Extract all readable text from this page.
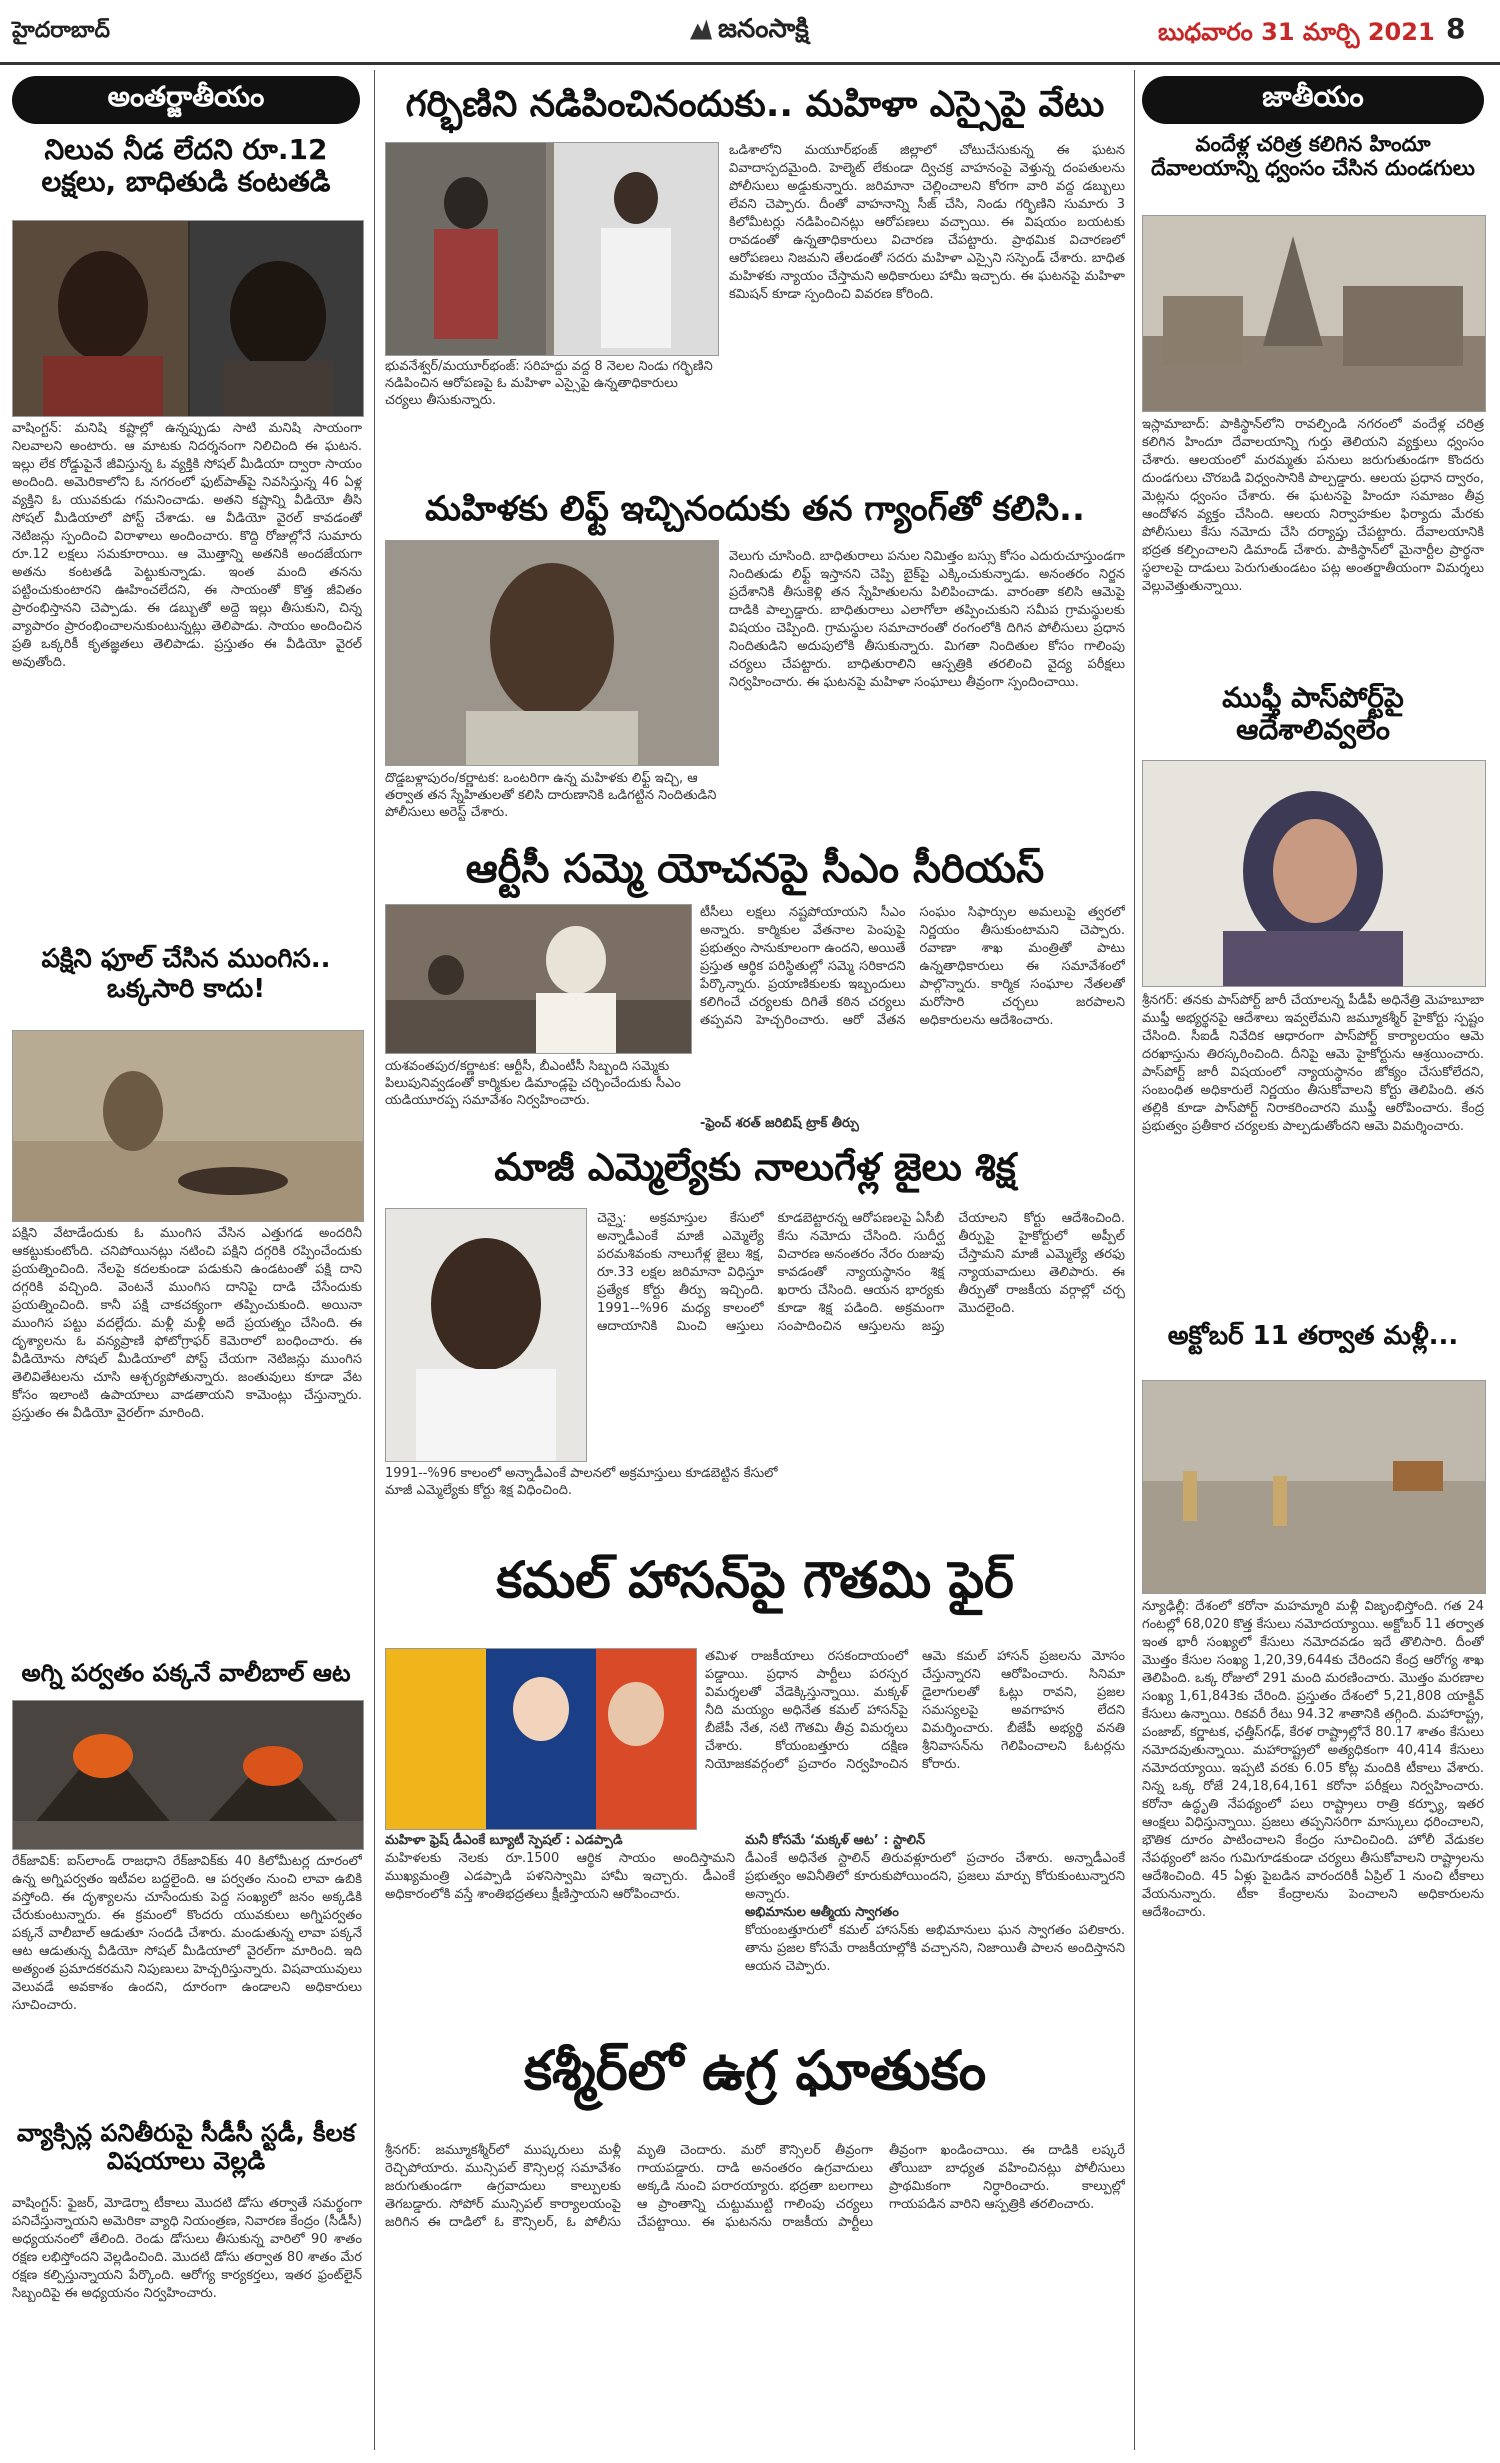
హైదరాబాద్	జనంసాక్షి	బుధవారం 31 మార్చి 2021 8
అంతర్జాతీయం
నిలువ నీడ లేదని రూ.12 లక్షలు, బాధితుడి కంటతడి
వాషింగ్టన్‌: మనిషి కష్టాల్లో ఉన్నప్పుడు సాటి మనిషి సాయంగా నిలవాలని అంటారు. ఆ మాటకు నిదర్శనంగా నిలిచింది ఈ ఘటన. ఇల్లు లేక రోడ్డుపైనే జీవిస్తున్న ఓ వ్యక్తికి సోషల్‌ మీడియా ద్వారా సాయం అందింది. అమెరికాలోని ఓ నగరంలో ఫుట్‌పాత్‌పై నివసిస్తున్న 46 ఏళ్ల వ్యక్తిని ఓ యువకుడు గమనించాడు. అతని కష్టాన్ని వీడియో తీసి సోషల్‌ మీడియాలో పోస్ట్‌ చేశాడు. ఆ వీడియో వైరల్‌ కావడంతో నెటిజన్లు స్పందించి విరాళాలు అందించారు. కొద్ది రోజుల్లోనే సుమారు రూ.12 లక్షలు సమకూరాయి. ఆ మొత్తాన్ని అతనికి అందజేయగా అతను కంటతడి పెట్టుకున్నాడు. ఇంత మంది తనను పట్టించుకుంటారని ఊహించలేదని, ఈ సాయంతో కొత్త జీవితం ప్రారంభిస్తానని చెప్పాడు. ఈ డబ్బుతో అద్దె ఇల్లు తీసుకుని, చిన్న వ్యాపారం ప్రారంభించాలనుకుంటున్నట్లు తెలిపాడు. సాయం అందించిన ప్రతి ఒక్కరికీ కృతజ్ఞతలు తెలిపాడు. ప్రస్తుతం ఈ వీడియో వైరల్‌ అవుతోంది.
పక్షిని ఫూల్‌ చేసిన ముంగిస.. ఒక్కసారి కాదు!
పక్షిని వేటాడేందుకు ఓ ముంగిస వేసిన ఎత్తుగడ అందరినీ ఆకట్టుకుంటోంది. చనిపోయినట్లు నటించి పక్షిని దగ్గరికి రప్పించేందుకు ప్రయత్నించింది. నేలపై కదలకుండా పడుకుని ఉండటంతో పక్షి దాని దగ్గరికి వచ్చింది. వెంటనే ముంగిస దానిపై దాడి చేసేందుకు ప్రయత్నించింది. కానీ పక్షి చాకచక్యంగా తప్పించుకుంది. అయినా ముంగిస పట్టు వదల్లేదు. మళ్లీ మళ్లీ అదే ప్రయత్నం చేసింది. ఈ దృశ్యాలను ఓ వన్యప్రాణి ఫోటోగ్రాఫర్‌ కెమెరాలో బంధించారు. ఈ వీడియోను సోషల్‌ మీడియాలో పోస్ట్‌ చేయగా నెటిజన్లు ముంగిస తెలివితేటలను చూసి ఆశ్చర్యపోతున్నారు. జంతువులు కూడా వేట కోసం ఇలాంటి ఉపాయాలు వాడతాయని కామెంట్లు చేస్తున్నారు. ప్రస్తుతం ఈ వీడియో వైరల్‌గా మారింది.
అగ్ని పర్వతం పక్కనే వాలీబాల్‌ ఆట
రేక్‌జావిక్‌: ఐస్‌లాండ్‌ రాజధాని రేక్‌జావిక్‌కు 40 కిలోమీటర్ల దూరంలో ఉన్న అగ్నిపర్వతం ఇటీవల బద్దలైంది. ఆ పర్వతం నుంచి లావా ఉబికి వస్తోంది. ఈ దృశ్యాలను చూసేందుకు పెద్ద సంఖ్యలో జనం అక్కడికి చేరుకుంటున్నారు. ఈ క్రమంలో కొందరు యువకులు అగ్నిపర్వతం పక్కనే వాలీబాల్‌ ఆడుతూ సందడి చేశారు. మండుతున్న లావా పక్కనే ఆట ఆడుతున్న వీడియో సోషల్‌ మీడియాలో వైరల్‌గా మారింది. ఇది అత్యంత ప్రమాదకరమని నిపుణులు హెచ్చరిస్తున్నారు. విషవాయువులు వెలువడే అవకాశం ఉందని, దూరంగా ఉండాలని అధికారులు సూచించారు.
వ్యాక్సిన్ల పనితీరుపై సీడీసీ స్టడీ, కీలక విషయాలు వెల్లడి
వాషింగ్టన్‌: ఫైజర్‌, మోడెర్నా టీకాలు మొదటి డోసు తర్వాతే సమర్థంగా పనిచేస్తున్నాయని అమెరికా వ్యాధి నియంత్రణ, నివారణ కేంద్రం (సీడీసీ) అధ్యయనంలో తేలింది. రెండు డోసులు తీసుకున్న వారిలో 90 శాతం రక్షణ లభిస్తోందని వెల్లడించింది. మొదటి డోసు తర్వాత 80 శాతం మేర రక్షణ కల్పిస్తున్నాయని పేర్కొంది. ఆరోగ్య కార్యకర్తలు, ఇతర ఫ్రంట్‌లైన్‌ సిబ్బందిపై ఈ అధ్యయనం నిర్వహించారు.
గర్భిణిని నడిపించినందుకు.. మహిళా ఎస్సైపై వేటు
భువనేశ్వర్‌/మయూర్‌భంజ్‌: సరిహద్దు వద్ద 8 నెలల నిండు గర్భిణిని నడిపించిన ఆరోపణపై ఓ మహిళా ఎస్సైపై ఉన్నతాధికారులు చర్యలు తీసుకున్నారు.
ఒడిశాలోని మయూర్‌భంజ్‌ జిల్లాలో చోటుచేసుకున్న ఈ ఘటన వివాదాస్పదమైంది. హెల్మెట్‌ లేకుండా ద్విచక్ర వాహనంపై వెళ్తున్న దంపతులను పోలీసులు అడ్డుకున్నారు. జరిమానా చెల్లించాలని కోరగా వారి వద్ద డబ్బులు లేవని చెప్పారు. దీంతో వాహనాన్ని సీజ్‌ చేసి, నిండు గర్భిణిని సుమారు 3 కిలోమీటర్లు నడిపించినట్లు ఆరోపణలు వచ్చాయి. ఈ విషయం బయటకు రావడంతో ఉన్నతాధికారులు విచారణ చేపట్టారు. ప్రాథమిక విచారణలో ఆరోపణలు నిజమని తేలడంతో సదరు మహిళా ఎస్సైని సస్పెండ్‌ చేశారు. బాధిత మహిళకు న్యాయం చేస్తామని అధికారులు హామీ ఇచ్చారు. ఈ ఘటనపై మహిళా కమిషన్‌ కూడా స్పందించి వివరణ కోరింది.
మహిళకు లిఫ్ట్‌ ఇచ్చినందుకు తన గ్యాంగ్‌తో కలిసి..
దొడ్డబళ్లాపురం/కర్ణాటక: ఒంటరిగా ఉన్న మహిళకు లిఫ్ట్‌ ఇచ్చి, ఆ తర్వాత తన స్నేహితులతో కలిసి దారుణానికి ఒడిగట్టిన నిందితుడిని పోలీసులు అరెస్ట్‌ చేశారు.
వెలుగు చూసింది. బాధితురాలు పనుల నిమిత్తం బస్సు కోసం ఎదురుచూస్తుండగా నిందితుడు లిఫ్ట్‌ ఇస్తానని చెప్పి బైక్‌పై ఎక్కించుకున్నాడు. అనంతరం నిర్జన ప్రదేశానికి తీసుకెళ్లి తన స్నేహితులను పిలిపించాడు. వారంతా కలిసి ఆమెపై దాడికి పాల్పడ్డారు. బాధితురాలు ఎలాగోలా తప్పించుకుని సమీప గ్రామస్థులకు విషయం చెప్పింది. గ్రామస్థుల సమాచారంతో రంగంలోకి దిగిన పోలీసులు ప్రధాన నిందితుడిని అదుపులోకి తీసుకున్నారు. మిగతా నిందితుల కోసం గాలింపు చర్యలు చేపట్టారు. బాధితురాలిని ఆస్పత్రికి తరలించి వైద్య పరీక్షలు నిర్వహించారు. ఈ ఘటనపై మహిళా సంఘాలు తీవ్రంగా స్పందించాయి.
ఆర్టీసీ సమ్మె యోచనపై సీఎం సీరియస్‌
యశవంతపుర/కర్ణాటక: ఆర్టీసీ, బీఎంటీసీ సిబ్బంది సమ్మెకు పిలుపునివ్వడంతో కార్మికుల డిమాండ్లపై చర్చించేందుకు సీఎం యడియూరప్ప సమావేశం నిర్వహించారు.
టీసీలు లక్షలు నష్టపోయాయని సీఎం అన్నారు. కార్మికుల వేతనాల పెంపుపై ప్రభుత్వం సానుకూలంగా ఉందని, అయితే ప్రస్తుత ఆర్థిక పరిస్థితుల్లో సమ్మె సరికాదని పేర్కొన్నారు. ప్రయాణికులకు ఇబ్బందులు కలిగించే చర్యలకు దిగితే కఠిన చర్యలు తప్పవని హెచ్చరించారు. ఆరో వేతన సంఘం సిఫార్సుల అమలుపై త్వరలో నిర్ణయం తీసుకుంటామని చెప్పారు. రవాణా శాఖ మంత్రితో పాటు ఉన్నతాధికారులు ఈ సమావేశంలో పాల్గొన్నారు. కార్మిక సంఘాల నేతలతో మరోసారి చర్చలు జరపాలని అధికారులను ఆదేశించారు.
-ఫ్రెంచ్‌ శరత్‌ జరిబిష్‌ ట్రాక్‌ తీర్పు
మాజీ ఎమ్మెల్యేకు నాలుగేళ్ల జైలు శిక్ష
1991--%96 కాలంలో అన్నాడీఎంకే పాలనలో అక్రమాస్తులు కూడబెట్టిన కేసులో మాజీ ఎమ్మెల్యేకు కోర్టు శిక్ష విధించింది.
చెన్నై: అక్రమాస్తుల కేసులో అన్నాడీఎంకే మాజీ ఎమ్మెల్యే పరమశివంకు నాలుగేళ్ల జైలు శిక్ష, రూ.33 లక్షల జరిమానా విధిస్తూ ప్రత్యేక కోర్టు తీర్పు ఇచ్చింది. 1991--%96 మధ్య కాలంలో ఆదాయానికి మించి ఆస్తులు కూడబెట్టారన్న ఆరోపణలపై ఏసీబీ కేసు నమోదు చేసింది. సుదీర్ఘ విచారణ అనంతరం నేరం రుజువు కావడంతో న్యాయస్థానం శిక్ష ఖరారు చేసింది. ఆయన భార్యకు కూడా శిక్ష పడింది. అక్రమంగా సంపాదించిన ఆస్తులను జప్తు చేయాలని కోర్టు ఆదేశించింది. తీర్పుపై హైకోర్టులో అప్పీల్‌ చేస్తామని మాజీ ఎమ్మెల్యే తరఫు న్యాయవాదులు తెలిపారు. ఈ తీర్పుతో రాజకీయ వర్గాల్లో చర్చ మొదలైంది.
కమల్‌ హాసన్‌పై గౌతమి ఫైర్‌
తమిళ రాజకీయాలు రసకందాయంలో పడ్డాయి. ప్రధాన పార్టీలు పరస్పర విమర్శలతో వేడెక్కిస్తున్నాయి. మక్కళ్‌ నీది మయ్యం అధినేత కమల్‌ హాసన్‌పై బీజేపీ నేత, నటి గౌతమి తీవ్ర విమర్శలు చేశారు. కోయంబత్తూరు దక్షిణ నియోజకవర్గంలో ప్రచారం నిర్వహించిన ఆమె కమల్‌ హాసన్‌ ప్రజలను మోసం చేస్తున్నారని ఆరోపించారు. సినిమా డైలాగులతో ఓట్లు రావని, ప్రజల సమస్యలపై అవగాహన లేదని విమర్శించారు. బీజేపీ అభ్యర్థి వనతి శ్రీనివాసన్‌ను గెలిపించాలని ఓటర్లను కోరారు.
మహిళా ఫ్రెష్‌ డీఎంకే బ్యూటీ స్పెషల్‌ : ఎడప్పాడి
మహిళలకు నెలకు రూ.1500 ఆర్థిక సాయం అందిస్తామని ముఖ్యమంత్రి ఎడప్పాడి పళనిస్వామి హామీ ఇచ్చారు. డీఎంకే అధికారంలోకి వస్తే శాంతిభద్రతలు క్షీణిస్తాయని ఆరోపించారు.
మనీ కోసమే ‘మక్కళ్‌ ఆట’ : స్టాలిన్‌
డీఎంకే అధినేత స్టాలిన్‌ తిరువళ్లూరులో ప్రచారం చేశారు. అన్నాడీఎంకే ప్రభుత్వం అవినీతిలో కూరుకుపోయిందని, ప్రజలు మార్పు కోరుకుంటున్నారని అన్నారు.
అభిమానుల ఆత్మీయ స్వాగతం
కోయంబత్తూరులో కమల్‌ హాసన్‌కు అభిమానులు ఘన స్వాగతం పలికారు. తాను ప్రజల కోసమే రాజకీయాల్లోకి వచ్చానని, నిజాయితీ పాలన అందిస్తానని ఆయన చెప్పారు.
కశ్మీర్‌లో ఉగ్ర ఘాతుకం
శ్రీనగర్‌: జమ్మూకశ్మీర్‌లో ముష్కరులు మళ్లీ రెచ్చిపోయారు. మున్సిపల్‌ కౌన్సిలర్ల సమావేశం జరుగుతుండగా ఉగ్రవాదులు కాల్పులకు తెగబడ్డారు. సోపోర్‌ మున్సిపల్‌ కార్యాలయంపై జరిగిన ఈ దాడిలో ఓ కౌన్సిలర్‌, ఓ పోలీసు మృతి చెందారు. మరో కౌన్సిలర్‌ తీవ్రంగా గాయపడ్డారు. దాడి అనంతరం ఉగ్రవాదులు అక్కడి నుంచి పరారయ్యారు. భద్రతా బలగాలు ఆ ప్రాంతాన్ని చుట్టుముట్టి గాలింపు చర్యలు చేపట్టాయి. ఈ ఘటనను రాజకీయ పార్టీలు తీవ్రంగా ఖండించాయి. ఈ దాడికి లష్కరే తోయిబా బాధ్యత వహించినట్లు పోలీసులు ప్రాథమికంగా నిర్ధారించారు. కాల్పుల్లో గాయపడిన వారిని ఆస్పత్రికి తరలించారు.
జాతీయం
వందేళ్ల చరిత్ర కలిగిన హిందూ దేవాలయాన్ని ధ్వంసం చేసిన దుండగులు
ఇస్లామాబాద్‌: పాకిస్థాన్‌లోని రావల్పిండి నగరంలో వందేళ్ల చరిత్ర కలిగిన హిందూ దేవాలయాన్ని గుర్తు తెలియని వ్యక్తులు ధ్వంసం చేశారు. ఆలయంలో మరమ్మతు పనులు జరుగుతుండగా కొందరు దుండగులు చొరబడి విధ్వంసానికి పాల్పడ్డారు. ఆలయ ప్రధాన ద్వారం, మెట్లను ధ్వంసం చేశారు. ఈ ఘటనపై హిందూ సమాజం తీవ్ర ఆందోళన వ్యక్తం చేసింది. ఆలయ నిర్వాహకుల ఫిర్యాదు మేరకు పోలీసులు కేసు నమోదు చేసి దర్యాప్తు చేపట్టారు. దేవాలయానికి భద్రత కల్పించాలని డిమాండ్‌ చేశారు. పాకిస్థాన్‌లో మైనార్టీల ప్రార్థనా స్థలాలపై దాడులు పెరుగుతుండటం పట్ల అంతర్జాతీయంగా విమర్శలు వెల్లువెత్తుతున్నాయి.
ముఫ్తీ పాస్‌పోర్ట్‌పై ఆదేశాలివ్వలేం
శ్రీనగర్‌: తనకు పాస్‌పోర్ట్‌ జారీ చేయాలన్న పీడీపీ అధినేత్రి మెహబూబా ముఫ్తీ అభ్యర్థనపై ఆదేశాలు ఇవ్వలేమని జమ్మూకశ్మీర్‌ హైకోర్టు స్పష్టం చేసింది. సీఐడీ నివేదిక ఆధారంగా పాస్‌పోర్ట్‌ కార్యాలయం ఆమె దరఖాస్తును తిరస్కరించింది. దీనిపై ఆమె హైకోర్టును ఆశ్రయించారు. పాస్‌పోర్ట్‌ జారీ విషయంలో న్యాయస్థానం జోక్యం చేసుకోలేదని, సంబంధిత అధికారులే నిర్ణయం తీసుకోవాలని కోర్టు తెలిపింది. తన తల్లికి కూడా పాస్‌పోర్ట్‌ నిరాకరించారని ముఫ్తీ ఆరోపించారు. కేంద్ర ప్రభుత్వం ప్రతీకార చర్యలకు పాల్పడుతోందని ఆమె విమర్శించారు.
అక్టోబర్‌ 11 తర్వాత మళ్లీ...
న్యూఢిల్లీ: దేశంలో కరోనా మహమ్మారి మళ్లీ విజృంభిస్తోంది. గత 24 గంటల్లో 68,020 కొత్త కేసులు నమోదయ్యాయి. అక్టోబర్‌ 11 తర్వాత ఇంత భారీ సంఖ్యలో కేసులు నమోదవడం ఇదే తొలిసారి. దీంతో మొత్తం కేసుల సంఖ్య 1,20,39,644కు చేరిందని కేంద్ర ఆరోగ్య శాఖ తెలిపింది. ఒక్క రోజులో 291 మంది మరణించారు. మొత్తం మరణాల సంఖ్య 1,61,843కు చేరింది. ప్రస్తుతం దేశంలో 5,21,808 యాక్టివ్‌ కేసులు ఉన్నాయి. రికవరీ రేటు 94.32 శాతానికి తగ్గింది. మహారాష్ట్ర, పంజాబ్‌, కర్ణాటక, ఛత్తీస్‌గఢ్‌, కేరళ రాష్ట్రాల్లోనే 80.17 శాతం కేసులు నమోదవుతున్నాయి. మహారాష్ట్రలో అత్యధికంగా 40,414 కేసులు నమోదయ్యాయి. ఇప్పటి వరకు 6.05 కోట్ల మందికి టీకాలు వేశారు. నిన్న ఒక్క రోజే 24,18,64,161 కరోనా పరీక్షలు నిర్వహించారు. కరోనా ఉద్ధృతి నేపథ్యంలో పలు రాష్ట్రాలు రాత్రి కర్ఫ్యూ, ఇతర ఆంక్షలు విధిస్తున్నాయి. ప్రజలు తప్పనిసరిగా మాస్కులు ధరించాలని, భౌతిక దూరం పాటించాలని కేంద్రం సూచించింది. హోలీ వేడుకల నేపథ్యంలో జనం గుమిగూడకుండా చర్యలు తీసుకోవాలని రాష్ట్రాలను ఆదేశించింది. 45 ఏళ్లు పైబడిన వారందరికీ ఏప్రిల్‌ 1 నుంచి టీకాలు వేయనున్నారు. టీకా కేంద్రాలను పెంచాలని అధికారులను ఆదేశించారు.
